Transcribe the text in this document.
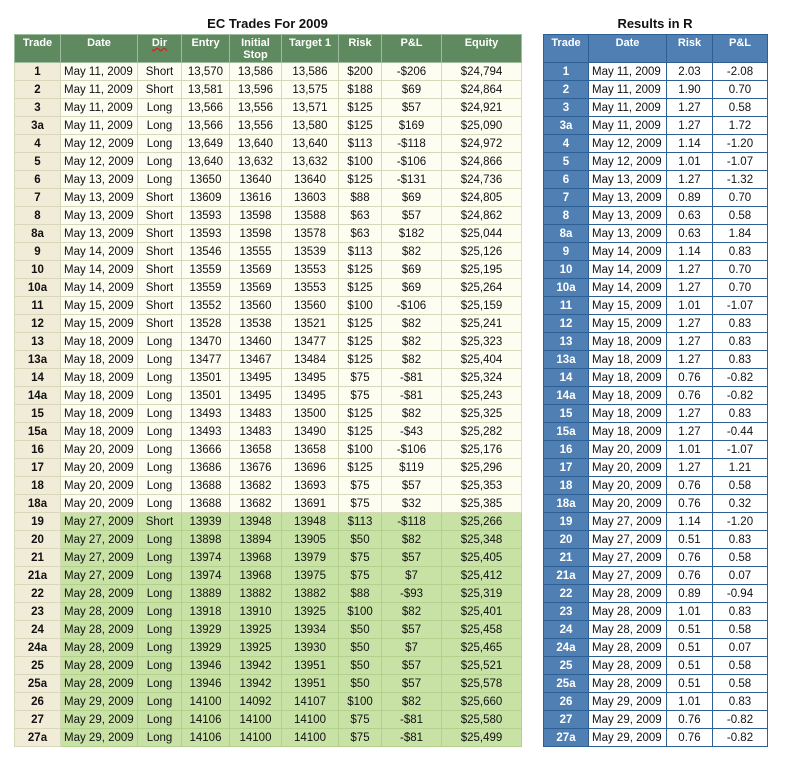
EC Trades For 2009	Results in R
Trade	Date	Dir	Entry	Initial Stop	Target 1	Risk	P&L	Equity
1	May 11, 2009	Short	13,570	13,586	13,586	$200	-$206	$24,794
2	May 11, 2009	Short	13,581	13,596	13,575	$188	$69	$24,864
3	May 11, 2009	Long	13,566	13,556	13,571	$125	$57	$24,921
3a	May 11, 2009	Long	13,566	13,556	13,580	$125	$169	$25,090
4	May 12, 2009	Long	13,649	13,640	13,640	$113	-$118	$24,972
5	May 12, 2009	Long	13,640	13,632	13,632	$100	-$106	$24,866
6	May 13, 2009	Long	13650	13640	13640	$125	-$131	$24,736
7	May 13, 2009	Short	13609	13616	13603	$88	$69	$24,805
8	May 13, 2009	Short	13593	13598	13588	$63	$57	$24,862
8a	May 13, 2009	Short	13593	13598	13578	$63	$182	$25,044
9	May 14, 2009	Short	13546	13555	13539	$113	$82	$25,126
10	May 14, 2009	Short	13559	13569	13553	$125	$69	$25,195
10a	May 14, 2009	Short	13559	13569	13553	$125	$69	$25,264
11	May 15, 2009	Short	13552	13560	13560	$100	-$106	$25,159
12	May 15, 2009	Short	13528	13538	13521	$125	$82	$25,241
13	May 18, 2009	Long	13470	13460	13477	$125	$82	$25,323
13a	May 18, 2009	Long	13477	13467	13484	$125	$82	$25,404
14	May 18, 2009	Long	13501	13495	13495	$75	-$81	$25,324
14a	May 18, 2009	Long	13501	13495	13495	$75	-$81	$25,243
15	May 18, 2009	Long	13493	13483	13500	$125	$82	$25,325
15a	May 18, 2009	Long	13493	13483	13490	$125	-$43	$25,282
16	May 20, 2009	Long	13666	13658	13658	$100	-$106	$25,176
17	May 20, 2009	Long	13686	13676	13696	$125	$119	$25,296
18	May 20, 2009	Long	13688	13682	13693	$75	$57	$25,353
18a	May 20, 2009	Long	13688	13682	13691	$75	$32	$25,385
19	May 27, 2009	Short	13939	13948	13948	$113	-$118	$25,266
20	May 27, 2009	Long	13898	13894	13905	$50	$82	$25,348
21	May 27, 2009	Long	13974	13968	13979	$75	$57	$25,405
21a	May 27, 2009	Long	13974	13968	13975	$75	$7	$25,412
22	May 28, 2009	Long	13889	13882	13882	$88	-$93	$25,319
23	May 28, 2009	Long	13918	13910	13925	$100	$82	$25,401
24	May 28, 2009	Long	13929	13925	13934	$50	$57	$25,458
24a	May 28, 2009	Long	13929	13925	13930	$50	$7	$25,465
25	May 28, 2009	Long	13946	13942	13951	$50	$57	$25,521
25a	May 28, 2009	Long	13946	13942	13951	$50	$57	$25,578
26	May 29, 2009	Long	14100	14092	14107	$100	$82	$25,660
27	May 29, 2009	Long	14106	14100	14100	$75	-$81	$25,580
27a	May 29, 2009	Long	14106	14100	14100	$75	-$81	$25,499
Trade	Date	Risk	P&L
1	May 11, 2009	2.03	-2.08
2	May 11, 2009	1.90	0.70
3	May 11, 2009	1.27	0.58
3a	May 11, 2009	1.27	1.72
4	May 12, 2009	1.14	-1.20
5	May 12, 2009	1.01	-1.07
6	May 13, 2009	1.27	-1.32
7	May 13, 2009	0.89	0.70
8	May 13, 2009	0.63	0.58
8a	May 13, 2009	0.63	1.84
9	May 14, 2009	1.14	0.83
10	May 14, 2009	1.27	0.70
10a	May 14, 2009	1.27	0.70
11	May 15, 2009	1.01	-1.07
12	May 15, 2009	1.27	0.83
13	May 18, 2009	1.27	0.83
13a	May 18, 2009	1.27	0.83
14	May 18, 2009	0.76	-0.82
14a	May 18, 2009	0.76	-0.82
15	May 18, 2009	1.27	0.83
15a	May 18, 2009	1.27	-0.44
16	May 20, 2009	1.01	-1.07
17	May 20, 2009	1.27	1.21
18	May 20, 2009	0.76	0.58
18a	May 20, 2009	0.76	0.32
19	May 27, 2009	1.14	-1.20
20	May 27, 2009	0.51	0.83
21	May 27, 2009	0.76	0.58
21a	May 27, 2009	0.76	0.07
22	May 28, 2009	0.89	-0.94
23	May 28, 2009	1.01	0.83
24	May 28, 2009	0.51	0.58
24a	May 28, 2009	0.51	0.07
25	May 28, 2009	0.51	0.58
25a	May 28, 2009	0.51	0.58
26	May 29, 2009	1.01	0.83
27	May 29, 2009	0.76	-0.82
27a	May 29, 2009	0.76	-0.82
